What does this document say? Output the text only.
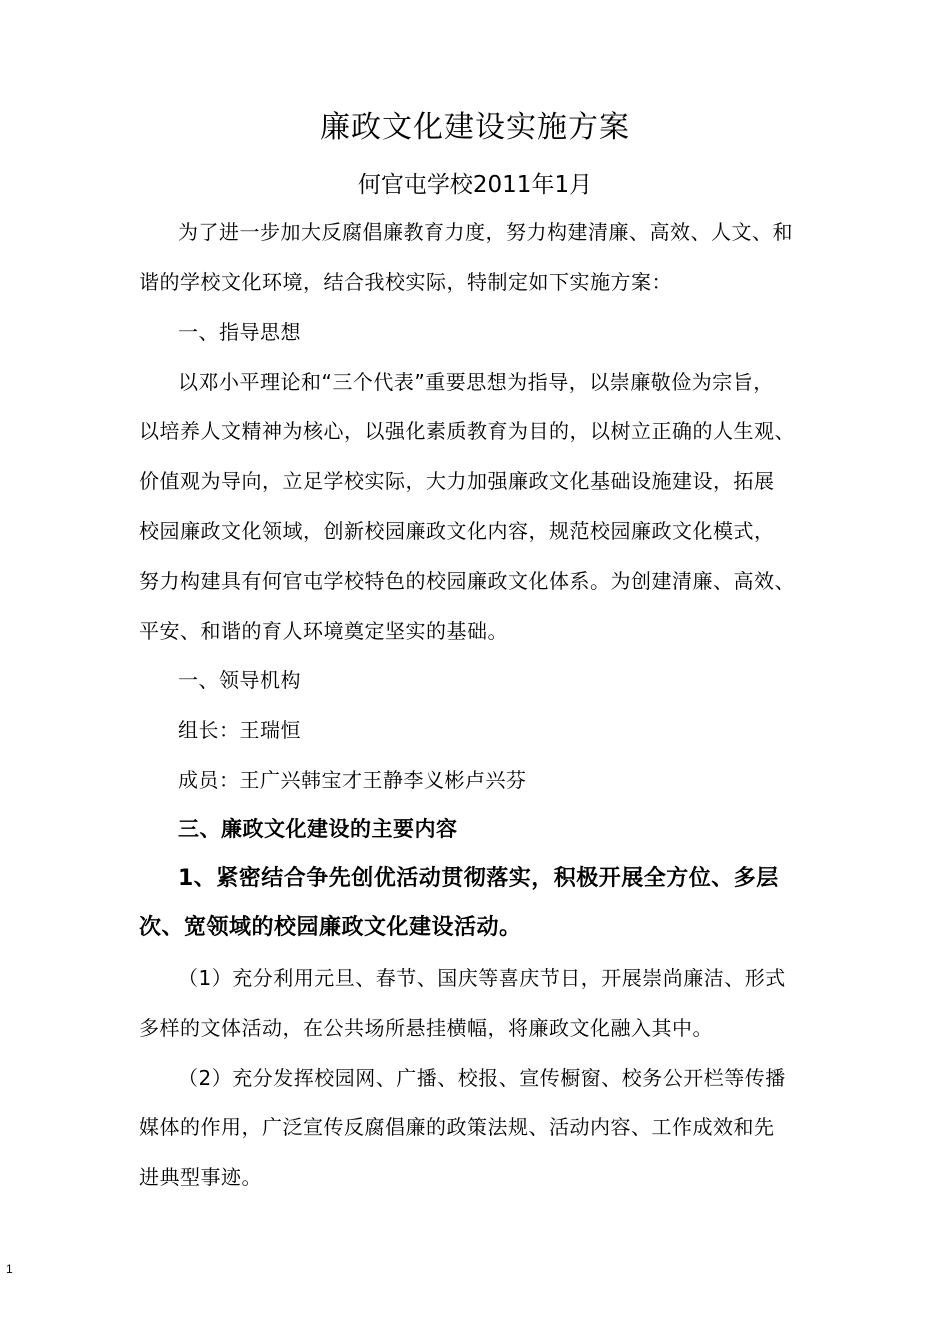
廉政文化建设实施方案
何官屯学校2011年1月
为了进一步加大反腐倡廉教育力度，努力构建清廉、高效、人文、和
谐的学校文化环境，结合我校实际，特制定如下实施方案：
一、指导思想
以邓小平理论和“三个代表”重要思想为指导，以崇廉敬俭为宗旨，
以培养人文精神为核心，以强化素质教育为目的，以树立正确的人生观、
价值观为导向，立足学校实际，大力加强廉政文化基础设施建设，拓展
校园廉政文化领域，创新校园廉政文化内容，规范校园廉政文化模式，
努力构建具有何官屯学校特色的校园廉政文化体系。为创建清廉、高效、
平安、和谐的育人环境奠定坚实的基础。
一、领导机构
组长：王瑞恒
成员：王广兴韩宝才王静李义彬卢兴芬
三、廉政文化建设的主要内容
1、紧密结合争先创优活动贯彻落实，积极开展全方位、多层
次、宽领域的校园廉政文化建设活动。
（1）充分利用元旦、春节、国庆等喜庆节日，开展崇尚廉洁、形式
多样的文体活动，在公共场所悬挂横幅，将廉政文化融入其中。
（2）充分发挥校园网、广播、校报、宣传橱窗、校务公开栏等传播
媒体的作用，广泛宣传反腐倡廉的政策法规、活动内容、工作成效和先
进典型事迹。
1
